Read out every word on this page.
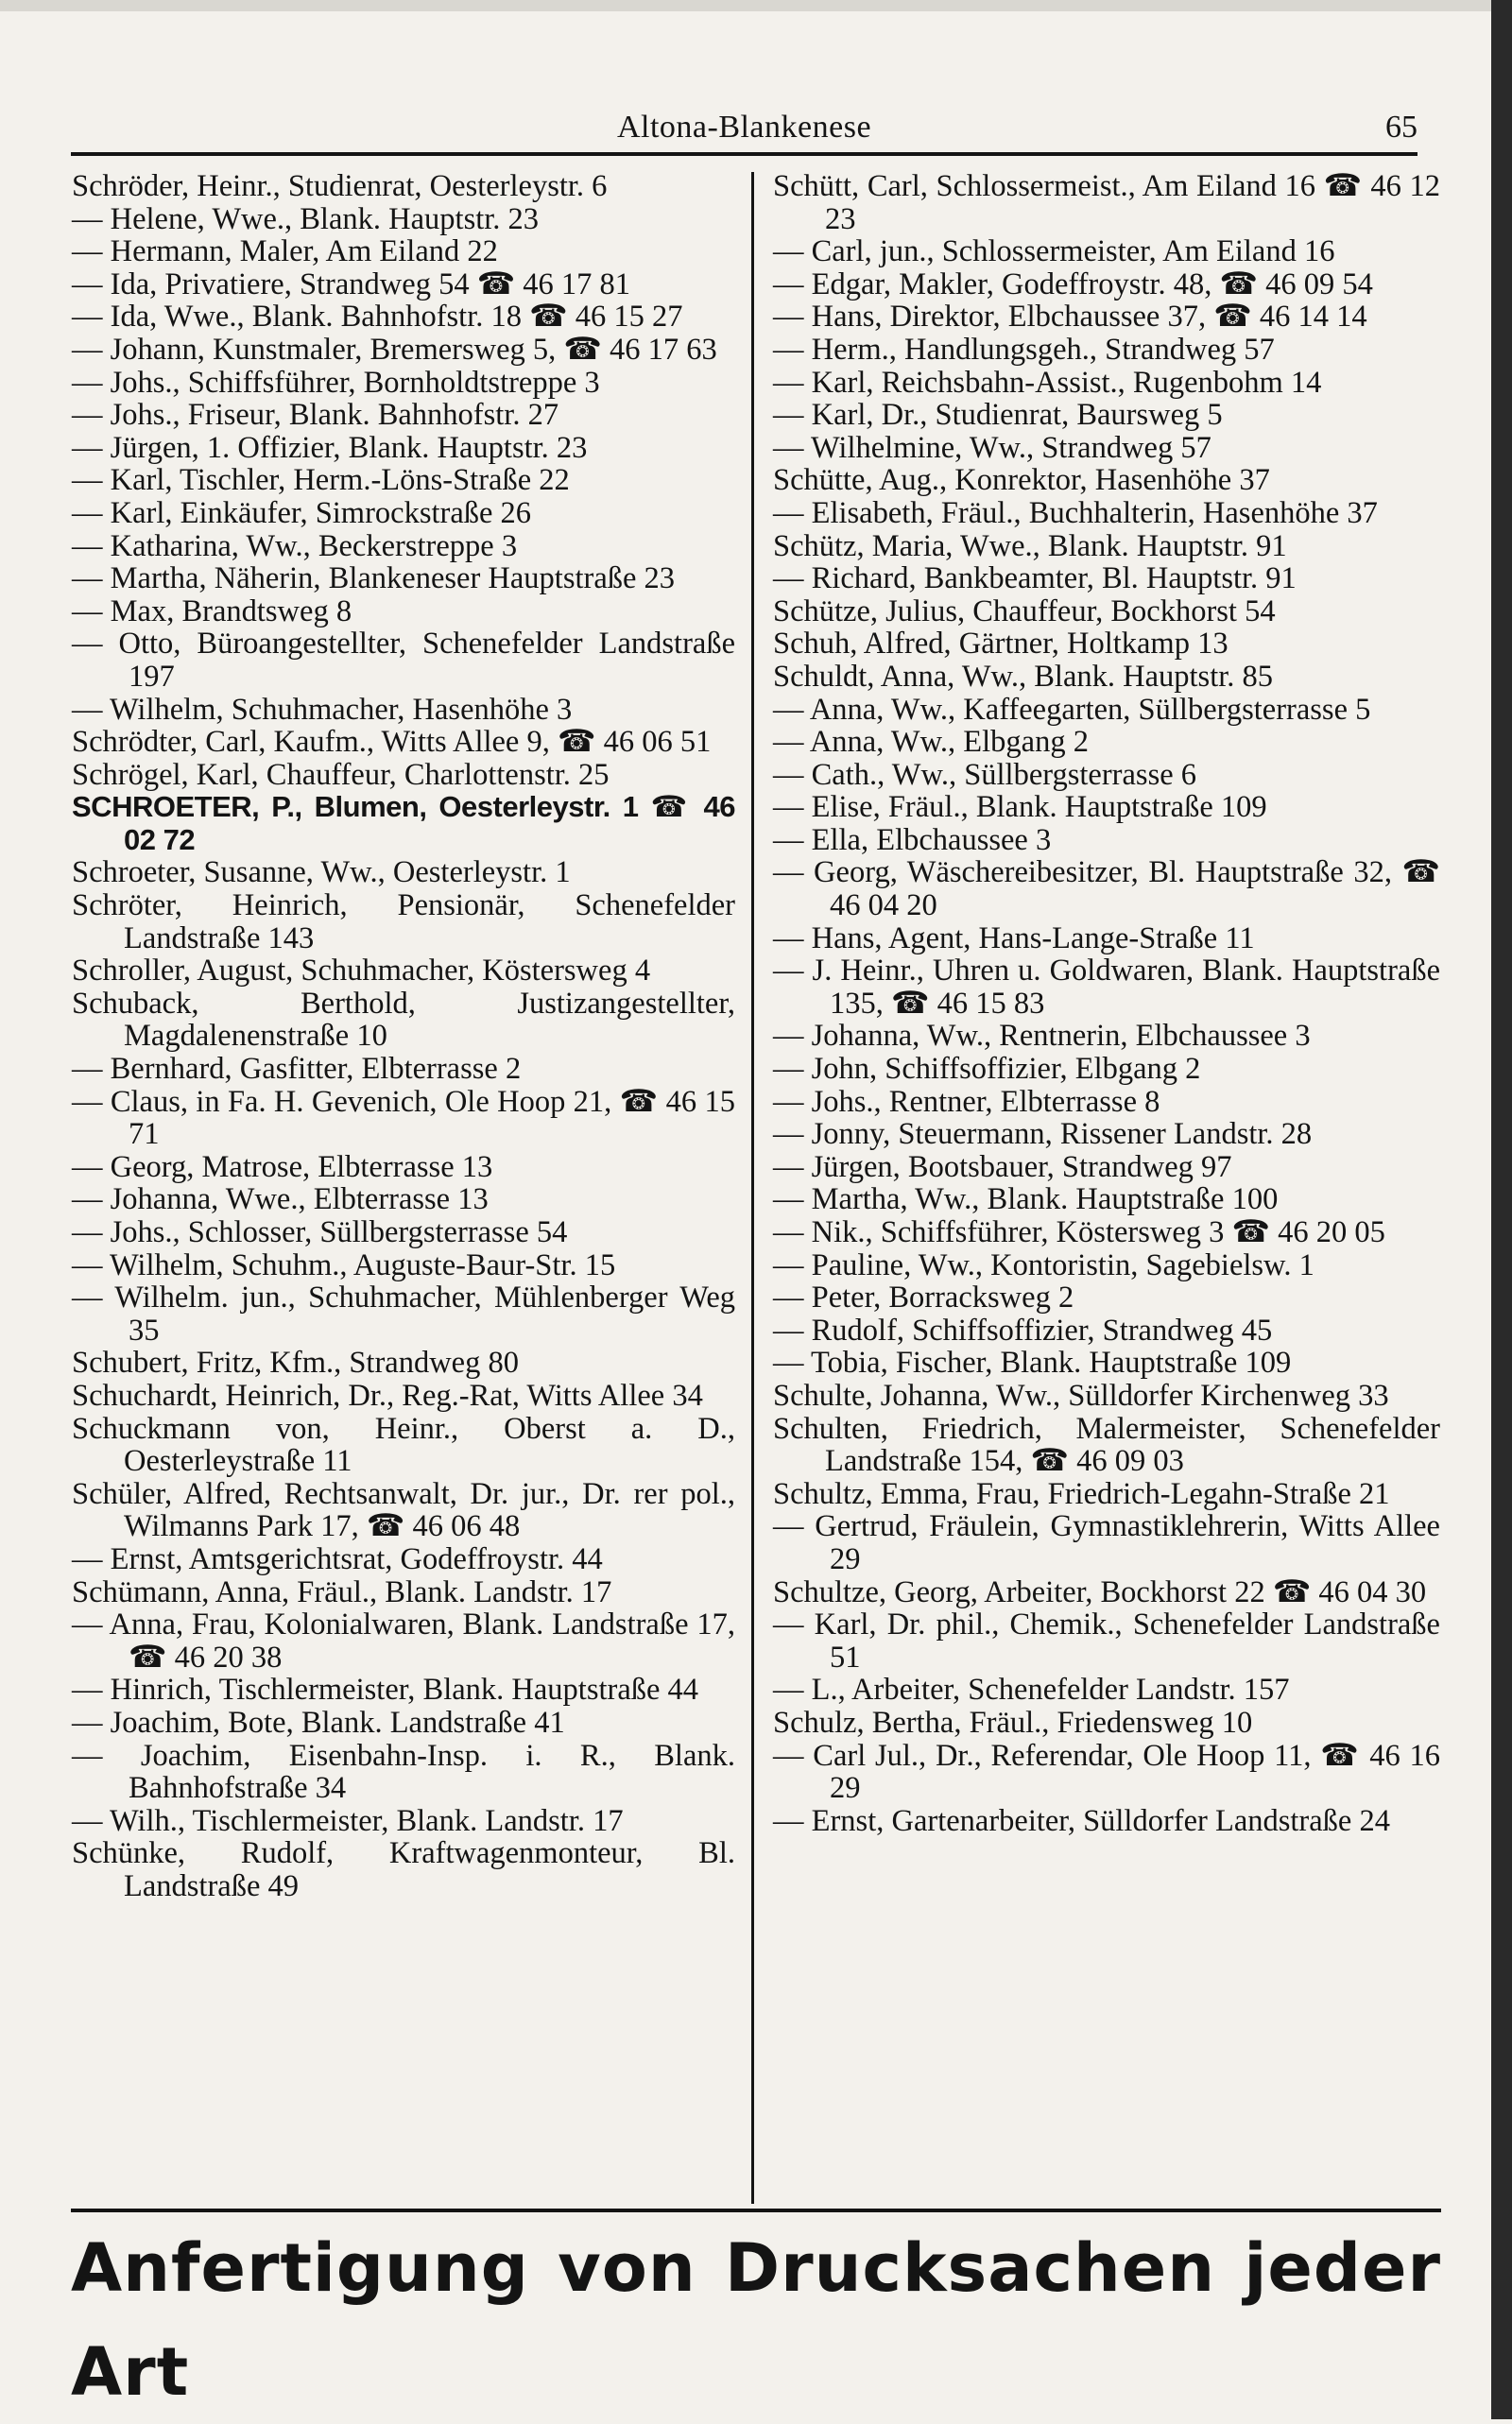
Altona-Blankenese	65
Schröder, Heinr., Studienrat, Oesterleystr. 6
— Helene, Wwe., Blank. Hauptstr. 23
— Hermann, Maler, Am Eiland 22
— Ida, Privatiere, Strandweg 54 ☎ 46 17 81
— Ida, Wwe., Blank. Bahnhofstr. 18 ☎ 46 15 27
— Johann, Kunstmaler, Bremersweg 5, ☎ 46 17 63
— Johs., Schiffsführer, Bornholdtstreppe 3
— Johs., Friseur, Blank. Bahnhofstr. 27
— Jürgen, 1. Offizier, Blank. Hauptstr. 23
— Karl, Tischler, Herm.-Löns-Straße 22
— Karl, Einkäufer, Simrockstraße 26
— Katharina, Ww., Beckerstreppe 3
— Martha, Näherin, Blankeneser Hauptstraße 23
— Max, Brandtsweg 8
— Otto, Büroangestellter, Schenefelder Landstraße 197
— Wilhelm, Schuhmacher, Hasenhöhe 3
Schrödter, Carl, Kaufm., Witts Allee 9, ☎ 46 06 51
Schrögel, Karl, Chauffeur, Charlottenstr. 25
SCHROETER, P., Blumen, Oesterleystr. 1 ☎ 46 02 72
Schroeter, Susanne, Ww., Oesterleystr. 1
Schröter, Heinrich, Pensionär, Schenefelder Landstraße 143
Schroller, August, Schuhmacher, Köstersweg 4
Schuback, Berthold, Justizangestellter, Magdalenenstraße 10
— Bernhard, Gasfitter, Elbterrasse 2
— Claus, in Fa. H. Gevenich, Ole Hoop 21, ☎ 46 15 71
— Georg, Matrose, Elbterrasse 13
— Johanna, Wwe., Elbterrasse 13
— Johs., Schlosser, Süllbergsterrasse 54
— Wilhelm, Schuhm., Auguste-Baur-Str. 15
— Wilhelm. jun., Schuhmacher, Mühlenberger Weg 35
Schubert, Fritz, Kfm., Strandweg 80
Schuchardt, Heinrich, Dr., Reg.-Rat, Witts Allee 34
Schuckmann von, Heinr., Oberst a. D., Oesterleystraße 11
Schüler, Alfred, Rechtsanwalt, Dr. jur., Dr. rer pol., Wilmanns Park 17, ☎ 46 06 48
— Ernst, Amtsgerichtsrat, Godeffroystr. 44
Schümann, Anna, Fräul., Blank. Landstr. 17
— Anna, Frau, Kolonialwaren, Blank. Landstraße 17, ☎ 46 20 38
— Hinrich, Tischlermeister, Blank. Hauptstraße 44
— Joachim, Bote, Blank. Landstraße 41
— Joachim, Eisenbahn-Insp. i. R., Blank. Bahnhofstraße 34
— Wilh., Tischlermeister, Blank. Landstr. 17
Schünke, Rudolf, Kraftwagenmonteur, Bl. Landstraße 49
Schütt, Carl, Schlossermeist., Am Eiland 16 ☎ 46 12 23
— Carl, jun., Schlossermeister, Am Eiland 16
— Edgar, Makler, Godeffroystr. 48, ☎ 46 09 54
— Hans, Direktor, Elbchaussee 37, ☎ 46 14 14
— Herm., Handlungsgeh., Strandweg 57
— Karl, Reichsbahn-Assist., Rugenbohm 14
— Karl, Dr., Studienrat, Baursweg 5
— Wilhelmine, Ww., Strandweg 57
Schütte, Aug., Konrektor, Hasenhöhe 37
— Elisabeth, Fräul., Buchhalterin, Hasenhöhe 37
Schütz, Maria, Wwe., Blank. Hauptstr. 91
— Richard, Bankbeamter, Bl. Hauptstr. 91
Schütze, Julius, Chauffeur, Bockhorst 54
Schuh, Alfred, Gärtner, Holtkamp 13
Schuldt, Anna, Ww., Blank. Hauptstr. 85
— Anna, Ww., Kaffeegarten, Süllbergsterrasse 5
— Anna, Ww., Elbgang 2
— Cath., Ww., Süllbergsterrasse 6
— Elise, Fräul., Blank. Hauptstraße 109
— Ella, Elbchaussee 3
— Georg, Wäschereibesitzer, Bl. Hauptstraße 32, ☎ 46 04 20
— Hans, Agent, Hans-Lange-Straße 11
— J. Heinr., Uhren u. Goldwaren, Blank. Hauptstraße 135, ☎ 46 15 83
— Johanna, Ww., Rentnerin, Elbchaussee 3
— John, Schiffsoffizier, Elbgang 2
— Johs., Rentner, Elbterrasse 8
— Jonny, Steuermann, Rissener Landstr. 28
— Jürgen, Bootsbauer, Strandweg 97
— Martha, Ww., Blank. Hauptstraße 100
— Nik., Schiffsführer, Köstersweg 3 ☎ 46 20 05
— Pauline, Ww., Kontoristin, Sagebielsw. 1
— Peter, Borracksweg 2
— Rudolf, Schiffsoffizier, Strandweg 45
— Tobia, Fischer, Blank. Hauptstraße 109
Schulte, Johanna, Ww., Sülldorfer Kirchenweg 33
Schulten, Friedrich, Malermeister, Schenefelder Landstraße 154, ☎ 46 09 03
Schultz, Emma, Frau, Friedrich-Legahn-Straße 21
— Gertrud, Fräulein, Gymnastiklehrerin, Witts Allee 29
Schultze, Georg, Arbeiter, Bockhorst 22 ☎ 46 04 30
— Karl, Dr. phil., Chemik., Schenefelder Landstraße 51
— L., Arbeiter, Schenefelder Landstr. 157
Schulz, Bertha, Fräul., Friedensweg 10
— Carl Jul., Dr., Referendar, Ole Hoop 11, ☎ 46 16 29
— Ernst, Gartenarbeiter, Sülldorfer Landstraße 24
Anfertigung von Drucksachen jeder Art
